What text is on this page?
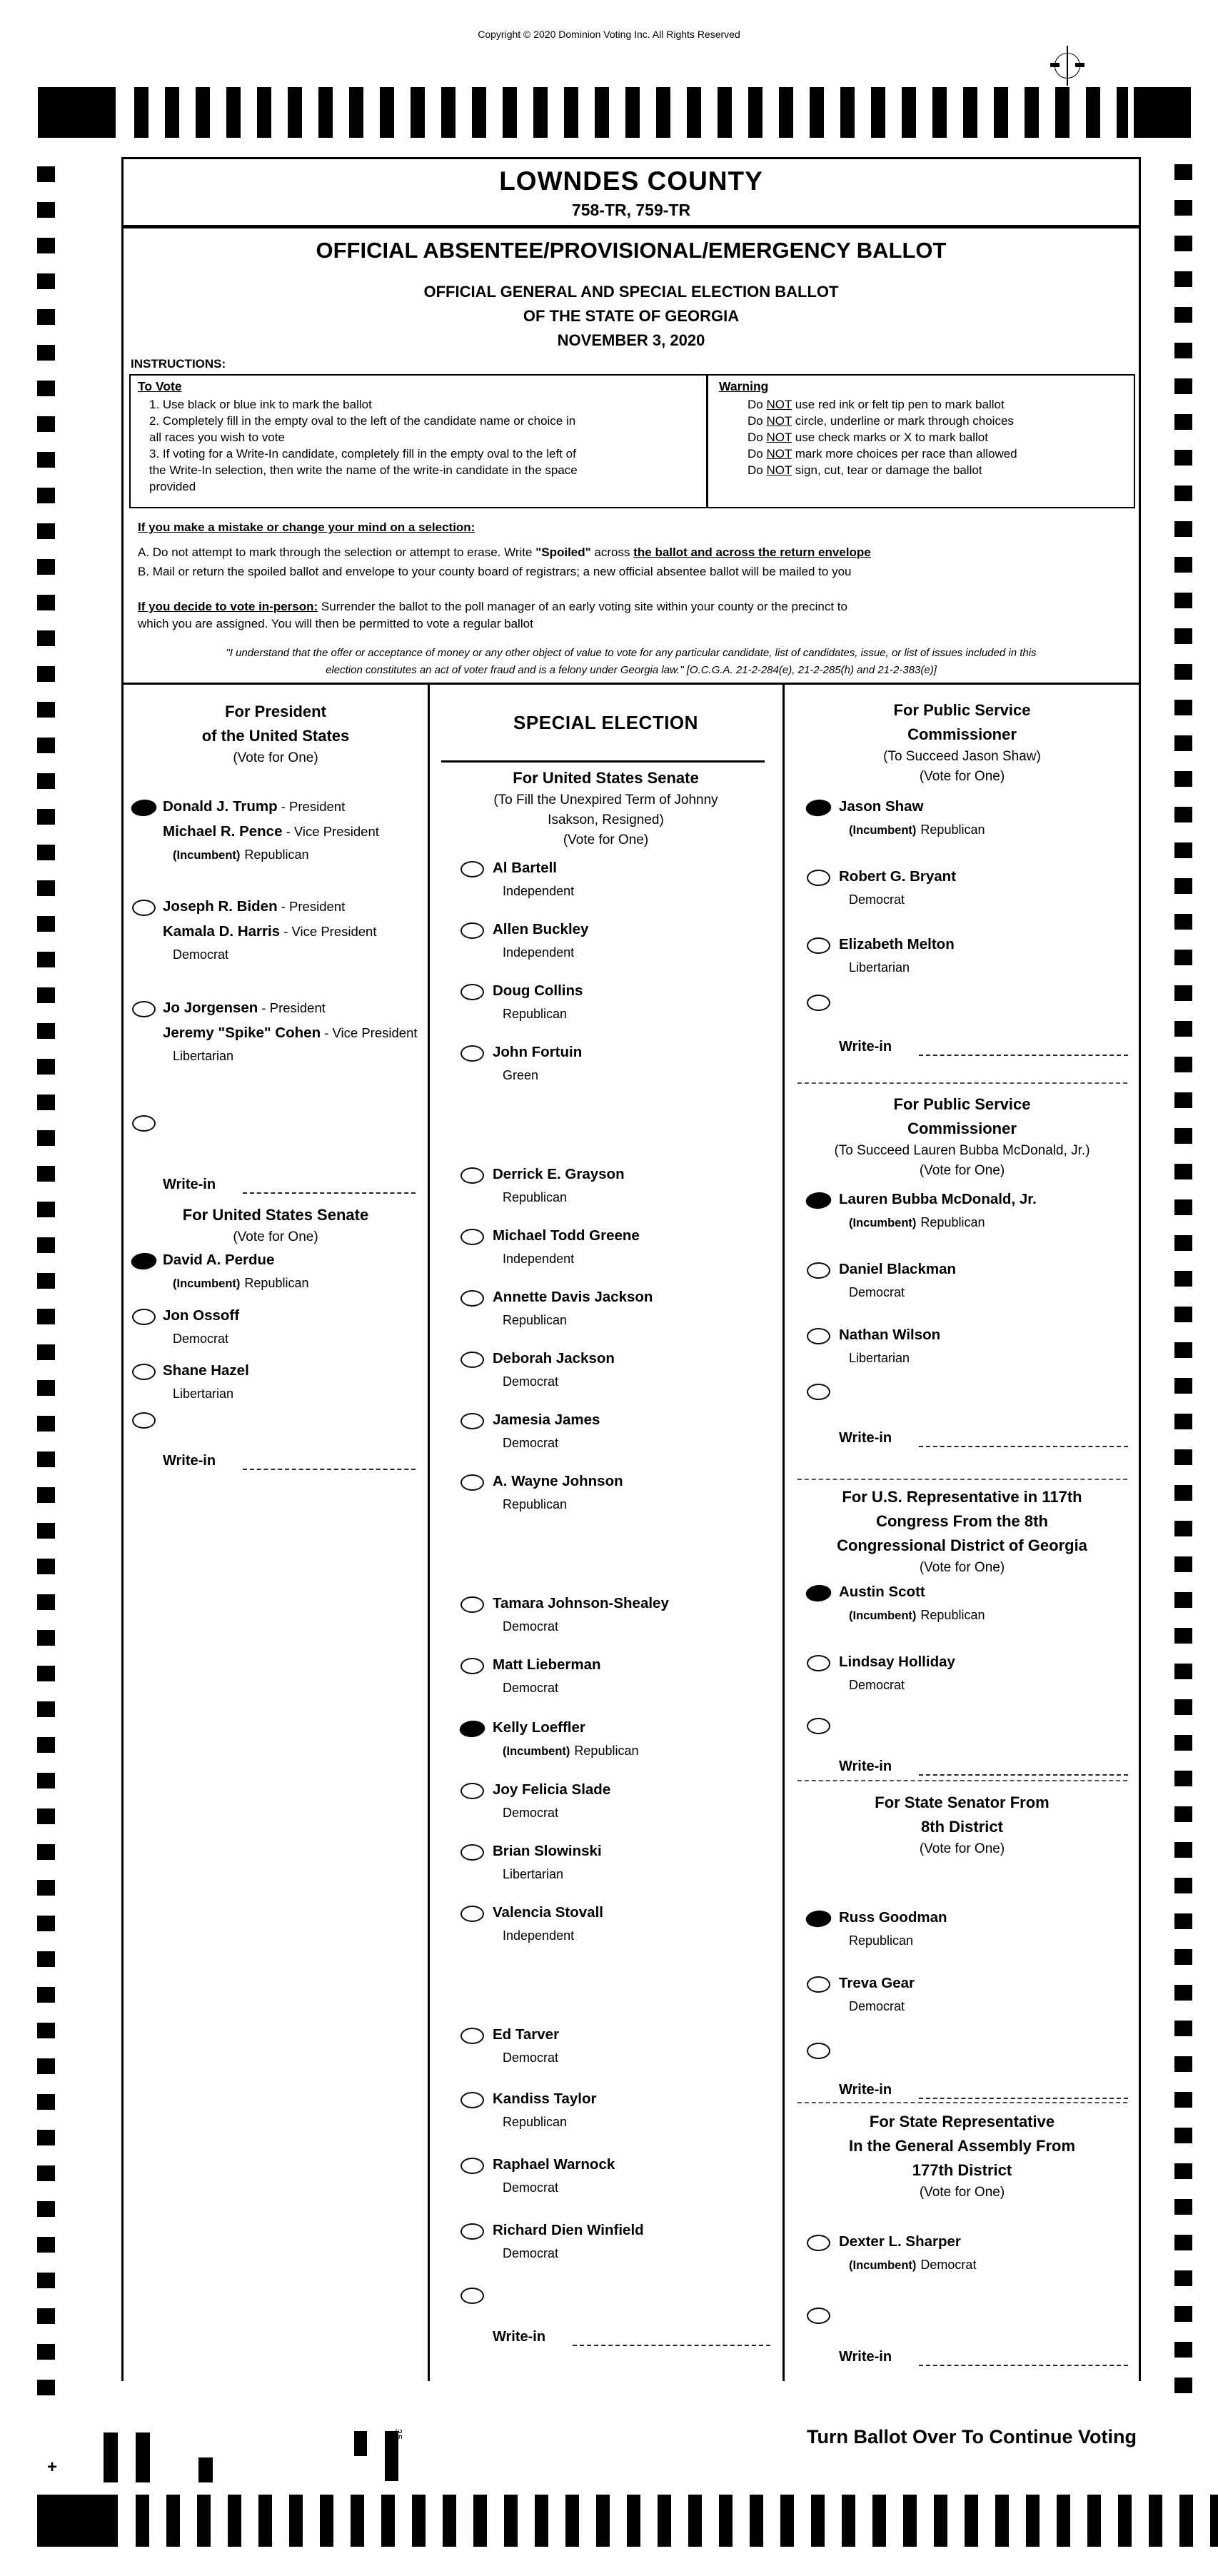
Copyright © 2020 Dominion Voting Inc. All Rights Reserved
+
35
LOWNDES COUNTY
758-TR, 759-TR
OFFICIAL ABSENTEE/PROVISIONAL/EMERGENCY BALLOT
OFFICIAL GENERAL AND SPECIAL ELECTION BALLOT
OF THE STATE OF GEORGIA
NOVEMBER 3, 2020
INSTRUCTIONS:
To Vote
1. Use black or blue ink to mark the ballot
2. Completely fill in the empty oval to the left of the candidate name or choice in
all races you wish to vote
3. If voting for a Write-In candidate, completely fill in the empty oval to the left of
the Write-In selection, then write the name of the write-in candidate in the space
provided
Warning
Do NOT use red ink or felt tip pen to mark ballot
Do NOT circle, underline or mark through choices
Do NOT use check marks or X to mark ballot
Do NOT mark more choices per race than allowed
Do NOT sign, cut, tear or damage the ballot
If you make a mistake or change your mind on a selection:
A. Do not attempt to mark through the selection or attempt to erase. Write "Spoiled" across the ballot and across the return envelope
B. Mail or return the spoiled ballot and envelope to your county board of registrars; a new official absentee ballot will be mailed to you
If you decide to vote in-person: Surrender the ballot to the poll manager of an early voting site within your county or the precinct to
which you are assigned. You will then be permitted to vote a regular ballot
"I understand that the offer or acceptance of money or any other object of value to vote for any particular candidate, list of candidates, issue, or list of issues included in this
election constitutes an act of voter fraud and is a felony under Georgia law." [O.C.G.A. 21-2-284(e), 21-2-285(h) and 21-2-383(e)]
SPECIAL ELECTION
For President
of the United States
(Vote for One)
Donald J. Trump - President
Michael R. Pence - Vice President
(Incumbent) Republican
Joseph R. Biden - President
Kamala D. Harris - Vice President
Democrat
Jo Jorgensen - President
Jeremy "Spike" Cohen - Vice President
Libertarian
Write-in
For United States Senate
(Vote for One)
David A. Perdue
(Incumbent) Republican
Jon Ossoff
Democrat
Shane Hazel
Libertarian
Write-in
For United States Senate
(To Fill the Unexpired Term of Johnny
Isakson, Resigned)
(Vote for One)
Al Bartell
Independent
Allen Buckley
Independent
Doug Collins
Republican
John Fortuin
Green
Derrick E. Grayson
Republican
Michael Todd Greene
Independent
Annette Davis Jackson
Republican
Deborah Jackson
Democrat
Jamesia James
Democrat
A. Wayne Johnson
Republican
Tamara Johnson-Shealey
Democrat
Matt Lieberman
Democrat
Kelly Loeffler
(Incumbent) Republican
Joy Felicia Slade
Democrat
Brian Slowinski
Libertarian
Valencia Stovall
Independent
Ed Tarver
Democrat
Kandiss Taylor
Republican
Raphael Warnock
Democrat
Richard Dien Winfield
Democrat
Write-in
For Public Service
Commissioner
(To Succeed Jason Shaw)
(Vote for One)
Jason Shaw
(Incumbent) Republican
Robert G. Bryant
Democrat
Elizabeth Melton
Libertarian
Write-in
For Public Service
Commissioner
(To Succeed Lauren Bubba McDonald, Jr.)
(Vote for One)
Lauren Bubba McDonald, Jr.
(Incumbent) Republican
Daniel Blackman
Democrat
Nathan Wilson
Libertarian
Write-in
For U.S. Representative in 117th
Congress From the 8th
Congressional District of Georgia
(Vote for One)
Austin Scott
(Incumbent) Republican
Lindsay Holliday
Democrat
Write-in
For State Senator From
8th District
(Vote for One)
Russ Goodman
Republican
Treva Gear
Democrat
Write-in
For State Representative
In the General Assembly From
177th District
(Vote for One)
Dexter L. Sharper
(Incumbent) Democrat
Write-in
Turn Ballot Over To Continue Voting
